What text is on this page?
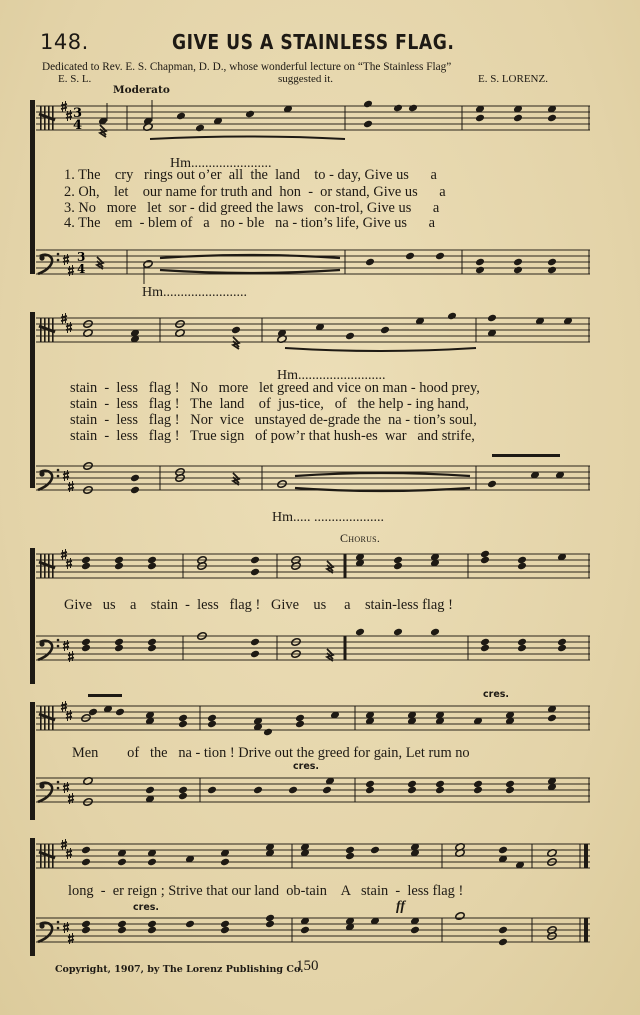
148.	GIVE US A STAINLESS FLAG.
Dedicated to Rev. E. S. Chapman, D. D., whose wonderful lecture on “The Stainless Flag”
E. S. L.	suggested it.	E. S. LORENZ.
Moderato
3
4
Hm.......................
1. The    cry   rings out o’er  all  the  land    to - day, Give us      a
2. Oh,    let    our name for truth and  hon  -  or stand, Give us      a
3. No   more   let  sor - did greed the laws   con-trol, Give us      a
4. The    em  - blem of   a   no - ble   na - tion’s life, Give us      a
3
4
Hm........................
Hm.........................
stain  -  less   flag !   No   more   let greed and vice on man - hood prey,
stain  -  less   flag !   The  land    of  jus-tice,   of   the help - ing hand,
stain  -  less   flag !   Nor  vice   unstayed de-grade the  na - tion’s soul,
stain  -  less   flag !   True sign   of pow’r that hush-es  war   and strife,
Hm..... ....................
Chorus.
Give   us    a    stain  -  less   flag !   Give    us     a    stain-less flag !
cres.
Men        of   the   na - tion ! Drive out the greed for gain, Let rum no
cres.
long  -  er reign ; Strive that our land  ob-tain    A   stain  -  less flag !
cres.	ff
Copyright, 1907, by The Lorenz Publishing Co.
150
